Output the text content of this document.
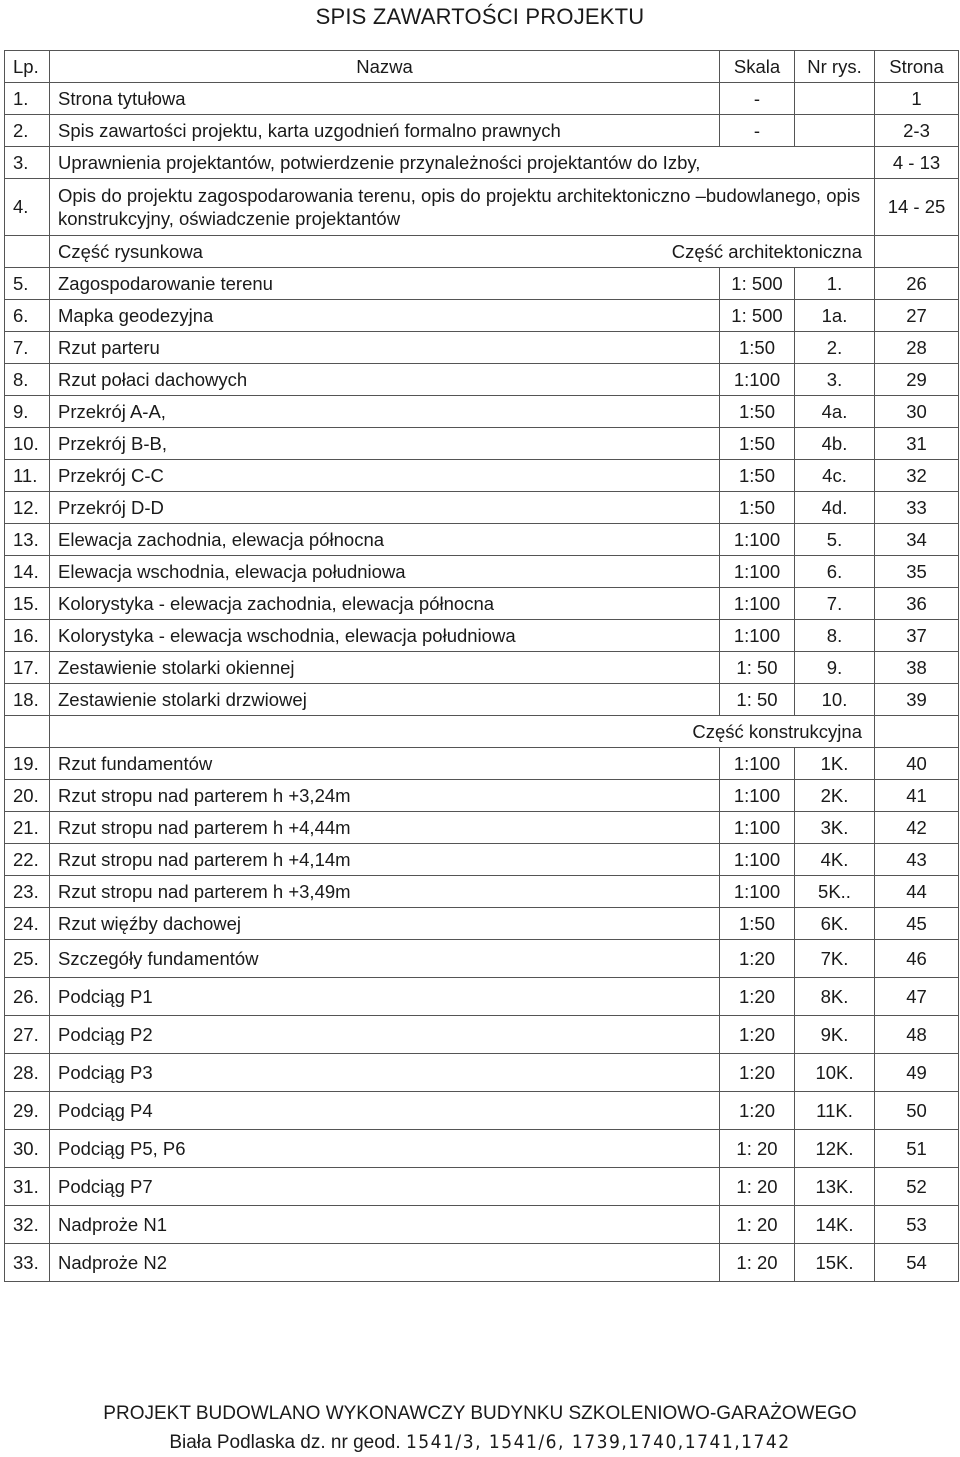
SPIS ZAWARTOŚCI PROJEKTU
Lp.	Nazwa	Skala	Nr rys.	Strona
1.	Strona tytułowa	-		1
2.	Spis zawartości projektu, karta uzgodnień formalno prawnych	-		2-3
3.	Uprawnienia projektantów, potwierdzenie przynależności projektantów do Izby,			4 - 13
4.	Opis do projektu zagospodarowania terenu, opis do projektu architektoniczno –budowlanego, opis konstrukcyjny, oświadczenie projektantów			14 - 25
	Część rysunkowa Część architektoniczna			

5.	Zagospodarowanie terenu	1: 500	1.	26
6.	Mapka geodezyjna	1: 500	1a.	27
7.	Rzut parteru	1:50	2.	28
8.	Rzut połaci dachowych	1:100	3.	29
9.	Przekrój A-A,	1:50	4a.	30
10.	Przekrój B-B,	1:50	4b.	31
11.	Przekrój C-C	1:50	4c.	32
12.	Przekrój D-D	1:50	4d.	33
13.	Elewacja zachodnia, elewacja północna	1:100	5.	34
14.	Elewacja wschodnia, elewacja południowa	1:100	6.	35
15.	Kolorystyka - elewacja zachodnia, elewacja północna	1:100	7.	36
16.	Kolorystyka - elewacja wschodnia, elewacja południowa	1:100	8.	37
17.	Zestawienie stolarki okiennej	1: 50	9.	38
18.	Zestawienie stolarki drzwiowej	1: 50	10.	39

	Część konstrukcyjna			

19.	Rzut fundamentów	1:100	1K.	40
20.	Rzut stropu nad parterem h +3,24m	1:100	2K.	41
21.	Rzut stropu nad parterem h +4,44m	1:100	3K.	42
22.	Rzut stropu nad parterem h +4,14m	1:100	4K.	43
23.	Rzut stropu nad parterem h +3,49m	1:100	5K..	44
24.	Rzut więźby dachowej	1:50	6K.	45
25.	Szczegóły fundamentów	1:20	7K.	46
26.	Podciąg P1	1:20	8K.	47
27.	Podciąg P2	1:20	9K.	48
28.	Podciąg P3	1:20	10K.	49
29.	Podciąg P4	1:20	11K.	50
30.	Podciąg P5, P6	1: 20	12K.	51
31.	Podciąg P7	1: 20	13K.	52
32.	Nadproże N1	1: 20	14K.	53
33.	Nadproże N2	1: 20	15K.	54
PROJEKT BUDOWLANO WYKONAWCZY BUDYNKU SZKOLENIOWO-GARAŻOWEGO
Biała Podlaska dz. nr geod. 1541/3, 1541/6, 1739,1740,1741,1742
